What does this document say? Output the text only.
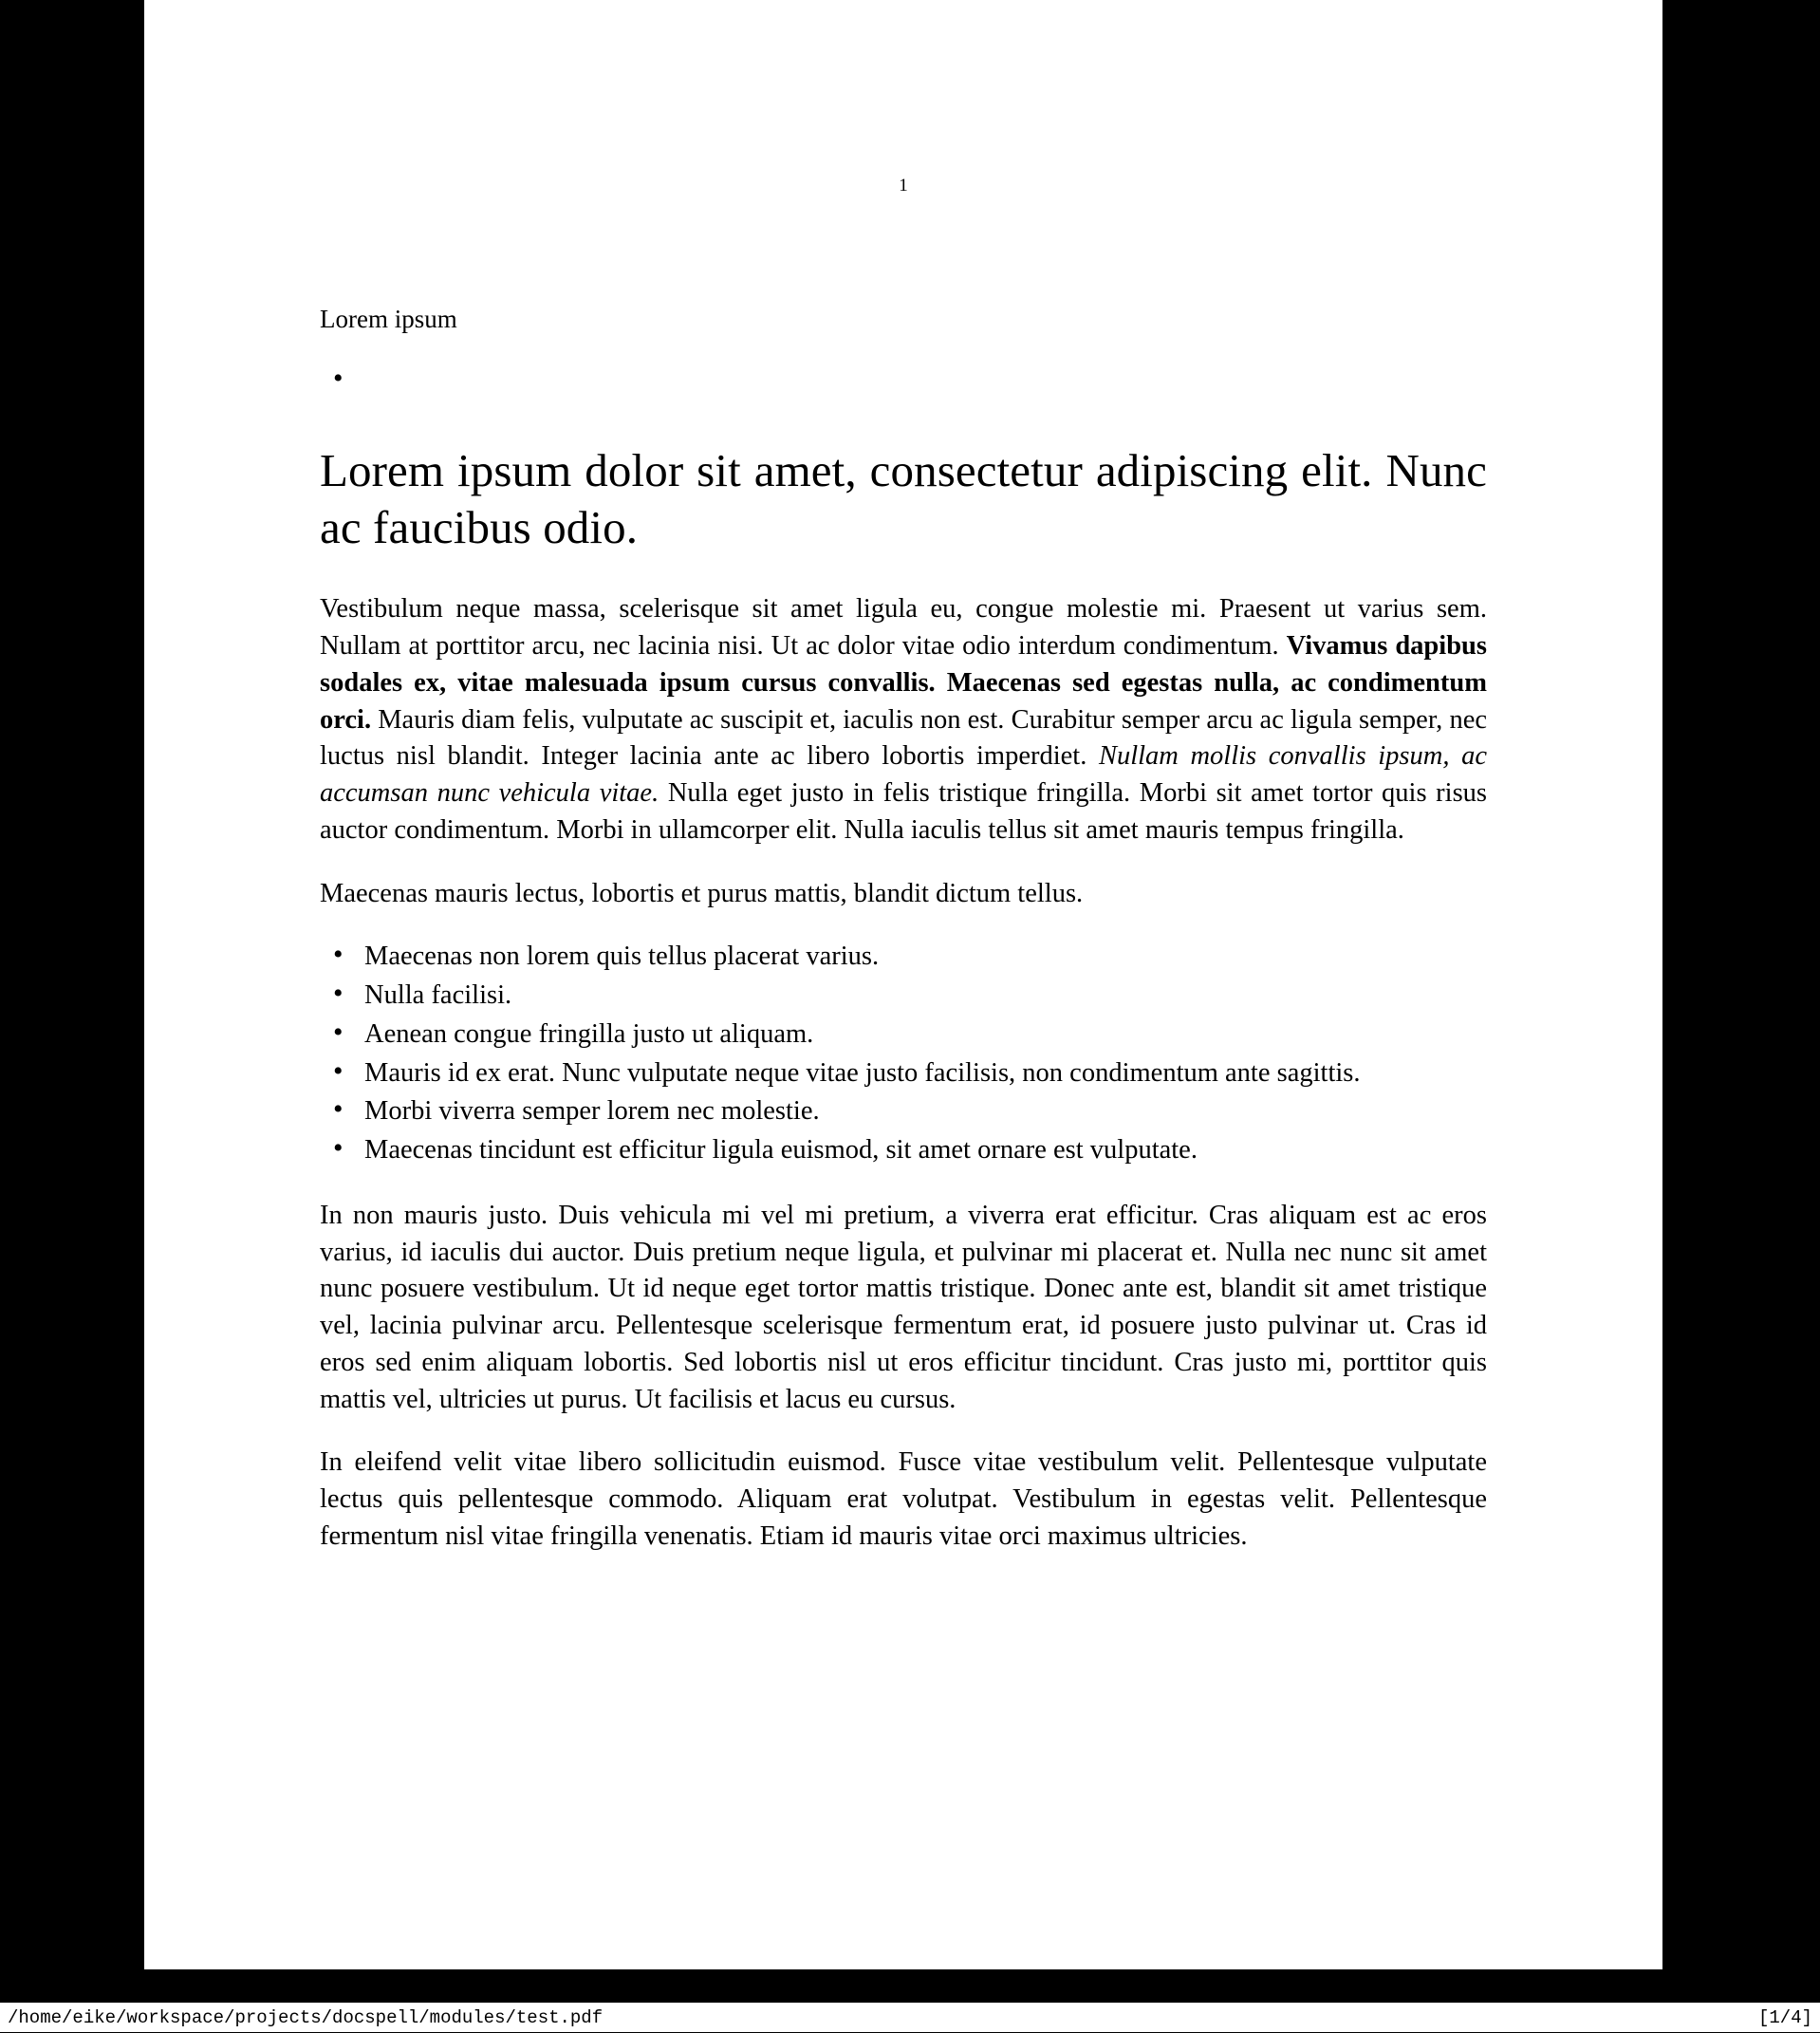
1

Lorem ipsum

•
Lorem ipsum dolor sit amet, consectetur adipiscing elit. Nunc ac faucibus odio.

Vestibulum neque massa, scelerisque sit amet ligula eu, congue molestie mi. Praesent ut varius sem. Nullam at porttitor arcu, nec lacinia nisi. Ut ac dolor vitae odio interdum condimentum. Vivamus dapibus sodales ex, vitae malesuada ipsum cursus convallis. Maecenas sed egestas nulla, ac condimentum orci. Mauris diam felis, vulputate ac suscipit et, iaculis non est. Curabitur semper arcu ac ligula semper, nec luctus nisl blandit. Integer lacinia ante ac libero lobortis imperdiet. Nullam mollis convallis ipsum, ac accumsan nunc vehicula vitae. Nulla eget justo in felis tristique fringilla. Morbi sit amet tortor quis risus auctor condimentum. Morbi in ullamcorper elit. Nulla iaculis tellus sit amet mauris tempus fringilla.

Maecenas mauris lectus, lobortis et purus mattis, blandit dictum tellus.

• Maecenas non lorem quis tellus placerat varius.
• Nulla facilisi.
• Aenean congue fringilla justo ut aliquam.
• Mauris id ex erat. Nunc vulputate neque vitae justo facilisis, non condimentum ante sagittis.
• Morbi viverra semper lorem nec molestie.
• Maecenas tincidunt est efficitur ligula euismod, sit amet ornare est vulputate.

In non mauris justo. Duis vehicula mi vel mi pretium, a viverra erat efficitur. Cras aliquam est ac eros varius, id iaculis dui auctor. Duis pretium neque ligula, et pulvinar mi placerat et. Nulla nec nunc sit amet nunc posuere vestibulum. Ut id neque eget tortor mattis tristique. Donec ante est, blandit sit amet tristique vel, lacinia pulvinar arcu. Pellentesque scelerisque fermentum erat, id posuere justo pulvinar ut. Cras id eros sed enim aliquam lobortis. Sed lobortis nisl ut eros efficitur tincidunt. Cras justo mi, porttitor quis mattis vel, ultricies ut purus. Ut facilisis et lacus eu cursus.

In eleifend velit vitae libero sollicitudin euismod. Fusce vitae vestibulum velit. Pellentesque vulputate lectus quis pellentesque commodo. Aliquam erat volutpat. Vestibulum in egestas velit. Pellentesque fermentum nisl vitae fringilla venenatis. Etiam id mauris vitae orci maximus ultricies.

/home/eike/workspace/projects/docspell/modules/test.pdf	[1/4]
